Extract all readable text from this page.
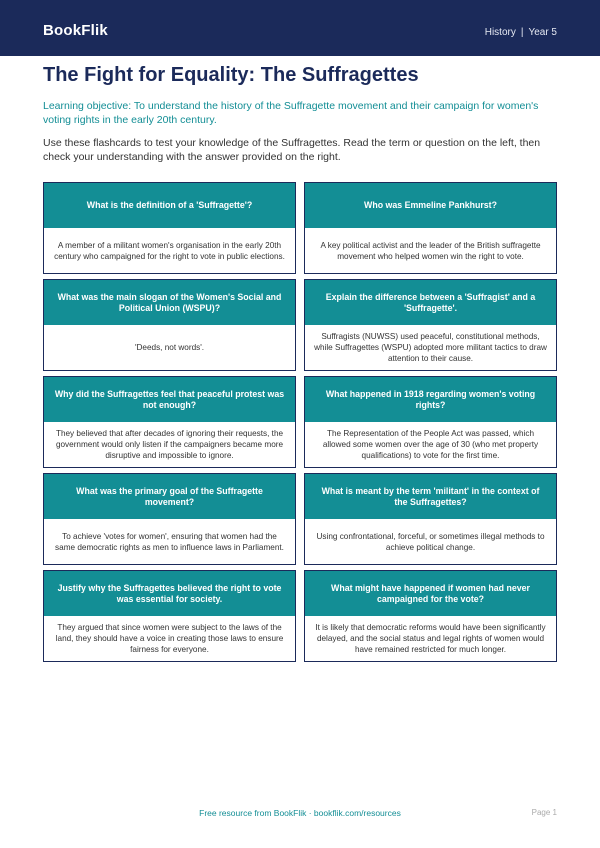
BookFlik	History | Year 5
The Fight for Equality: The Suffragettes
Learning objective: To understand the history of the Suffragette movement and their campaign for women's voting rights in the early 20th century.
Use these flashcards to test your knowledge of the Suffragettes. Read the term or question on the left, then check your understanding with the answer provided on the right.
What is the definition of a 'Suffragette'?
A member of a militant women's organisation in the early 20th century who campaigned for the right to vote in public elections.
Who was Emmeline Pankhurst?
A key political activist and the leader of the British suffragette movement who helped women win the right to vote.
What was the main slogan of the Women's Social and Political Union (WSPU)?
'Deeds, not words'.
Explain the difference between a 'Suffragist' and a 'Suffragette'.
Suffragists (NUWSS) used peaceful, constitutional methods, while Suffragettes (WSPU) adopted more militant tactics to draw attention to their cause.
Why did the Suffragettes feel that peaceful protest was not enough?
They believed that after decades of ignoring their requests, the government would only listen if the campaigners became more disruptive and impossible to ignore.
What happened in 1918 regarding women's voting rights?
The Representation of the People Act was passed, which allowed some women over the age of 30 (who met property qualifications) to vote for the first time.
What was the primary goal of the Suffragette movement?
To achieve 'votes for women', ensuring that women had the same democratic rights as men to influence laws in Parliament.
What is meant by the term 'militant' in the context of the Suffragettes?
Using confrontational, forceful, or sometimes illegal methods to achieve political change.
Justify why the Suffragettes believed the right to vote was essential for society.
They argued that since women were subject to the laws of the land, they should have a voice in creating those laws to ensure fairness for everyone.
What might have happened if women had never campaigned for the vote?
It is likely that democratic reforms would have been significantly delayed, and the social status and legal rights of women would have remained restricted for much longer.
Free resource from BookFlik · bookflik.com/resources	Page 1
